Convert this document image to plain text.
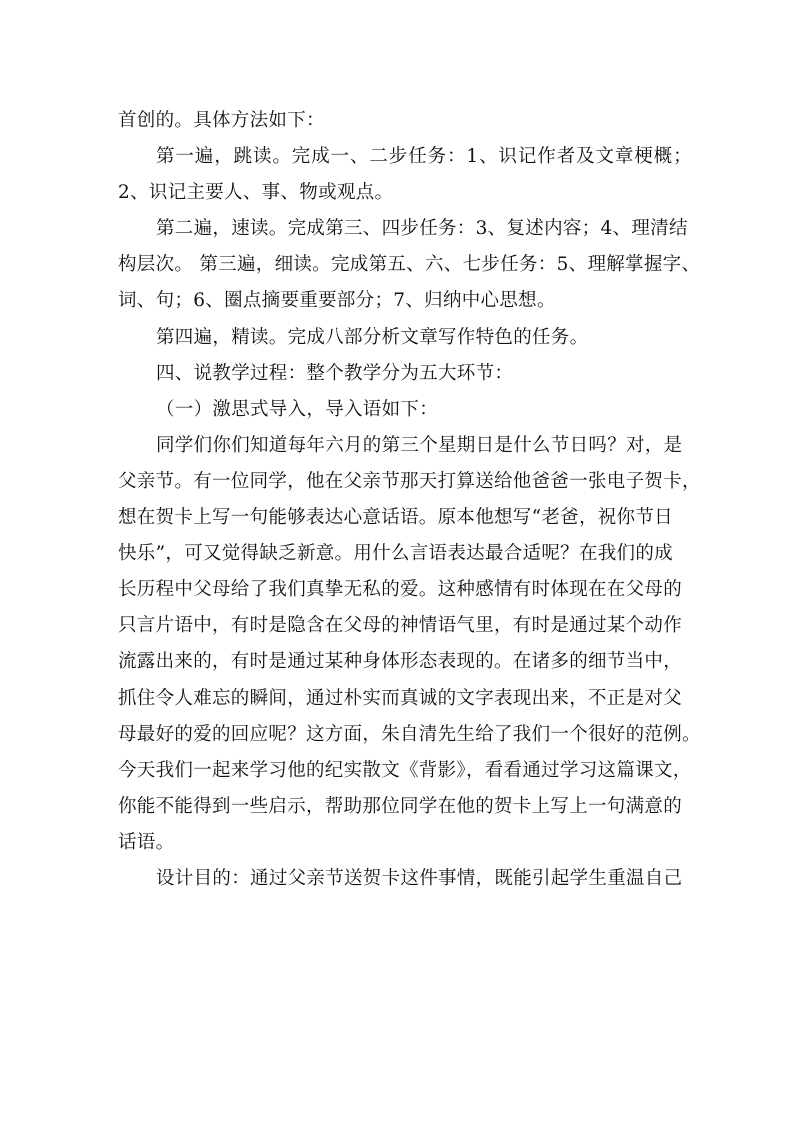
首创的。具体方法如下：

第一遍，跳读。完成一、二步任务：1、识记作者及文章梗概；

2、识记主要人、事、物或观点。

第二遍，速读。完成第三、四步任务：3、复述内容；4、理清结

构层次。 第三遍，细读。完成第五、六、七步任务：5、理解掌握字、

词、句；6、圈点摘要重要部分；7、归纳中心思想。

第四遍，精读。完成八部分析文章写作特色的任务。

四、说教学过程：整个教学分为五大环节：

（一）激思式导入，导入语如下：

同学们你们知道每年六月的第三个星期日是什么节日吗？对，是

父亲节。有一位同学，他在父亲节那天打算送给他爸爸一张电子贺卡，

想在贺卡上写一句能够表达心意话语。原本他想写“老爸，祝你节日

快乐”，可又觉得缺乏新意。用什么言语表达最合适呢？在我们的成

长历程中父母给了我们真挚无私的爱。这种感情有时体现在在父母的

只言片语中，有时是隐含在父母的神情语气里，有时是通过某个动作

流露出来的，有时是通过某种身体形态表现的。在诸多的细节当中，

抓住令人难忘的瞬间，通过朴实而真诚的文字表现出来，不正是对父

母最好的爱的回应呢？这方面，朱自清先生给了我们一个很好的范例。

今天我们一起来学习他的纪实散文《背影》，看看通过学习这篇课文，

你能不能得到一些启示，帮助那位同学在他的贺卡上写上一句满意的

话语。

设计目的：通过父亲节送贺卡这件事情，既能引起学生重温自己
